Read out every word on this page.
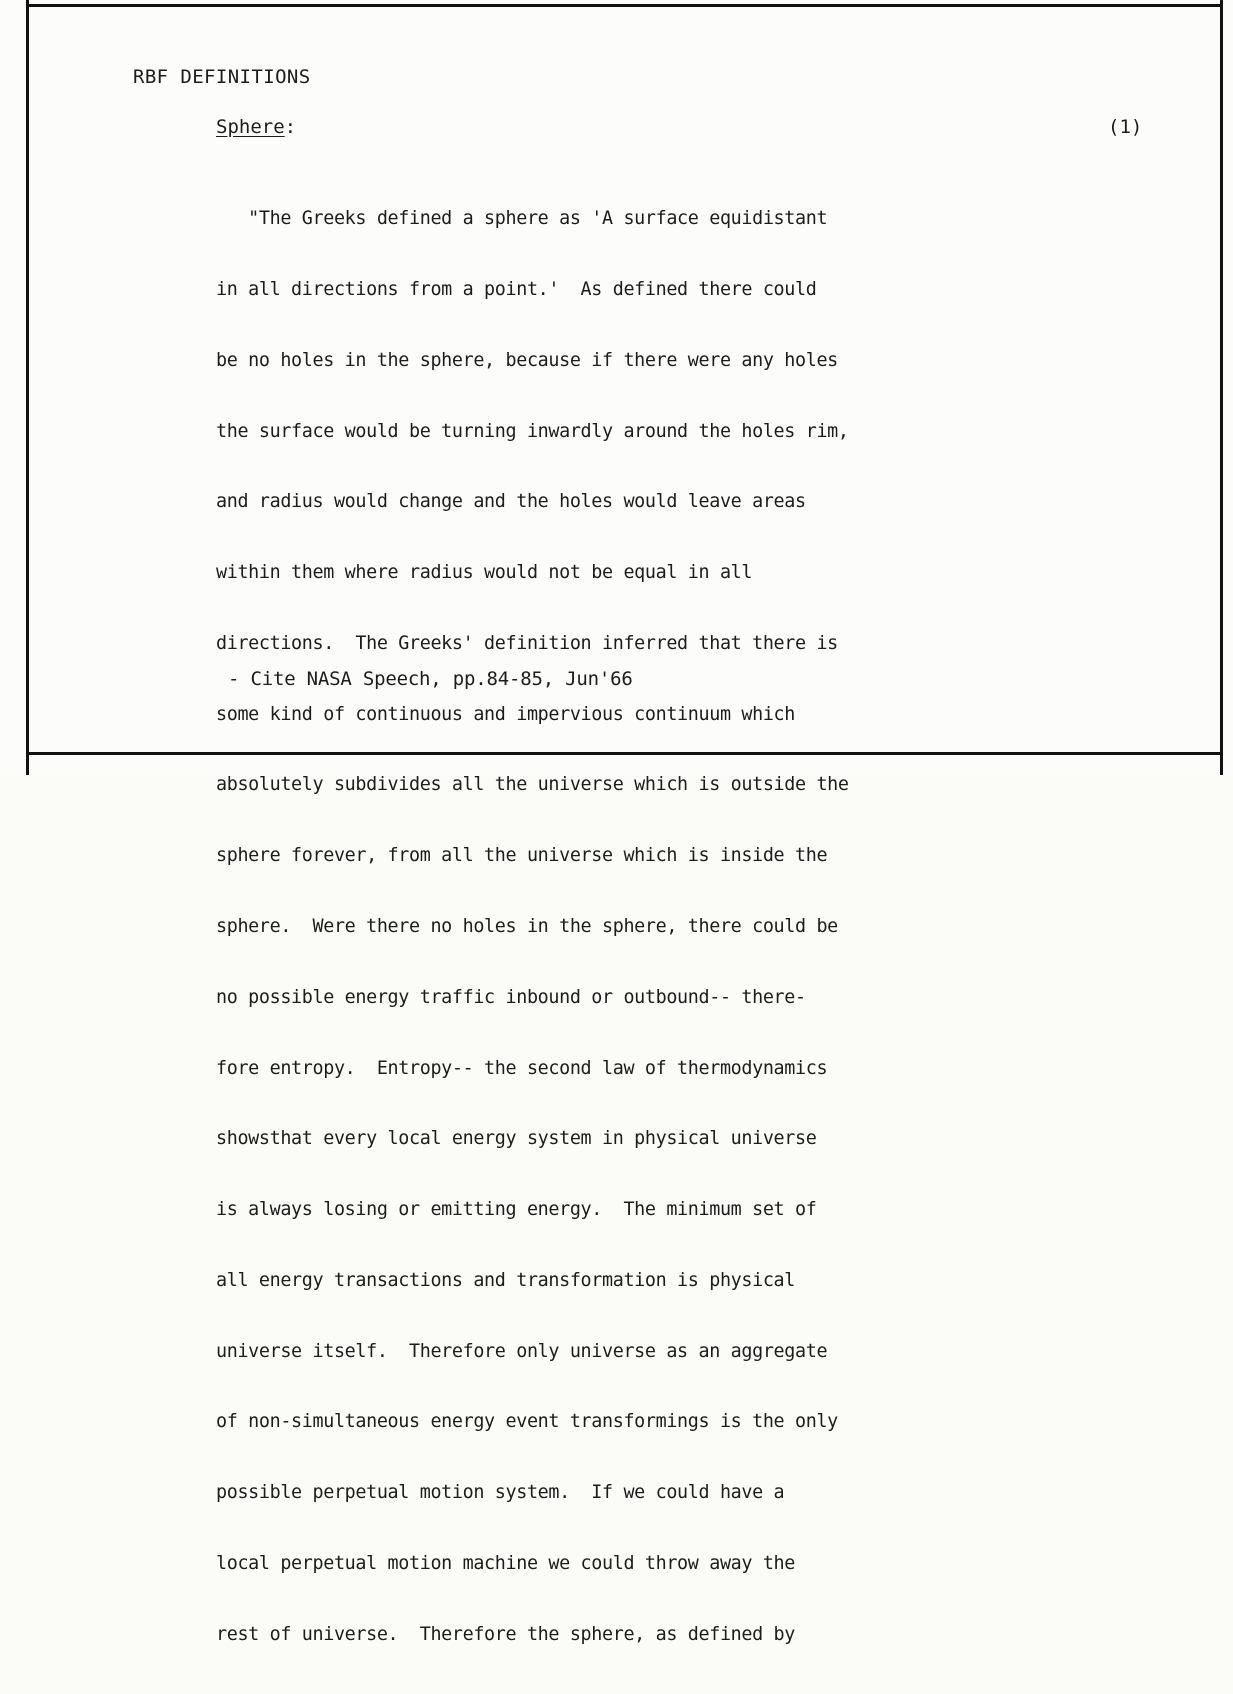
RBF DEFINITIONS
Sphere:	(1)

"The Greeks defined a sphere as 'A surface equidistant

in all directions from a point.'  As defined there could

be no holes in the sphere, because if there were any holes

the surface would be turning inwardly around the holes rim,

and radius would change and the holes would leave areas

within them where radius would not be equal in all

directions.  The Greeks' definition inferred that there is

some kind of continuous and impervious continuum which

absolutely subdivides all the universe which is outside the

sphere forever, from all the universe which is inside the

sphere.  Were there no holes in the sphere, there could be

no possible energy traffic inbound or outbound-- there-

fore entropy.  Entropy-- the second law of thermodynamics

showsthat every local energy system in physical universe

is always losing or emitting energy.  The minimum set of

all energy transactions and transformation is physical

universe itself.  Therefore only universe as an aggregate

of non-simultaneous energy event transformings is the only

possible perpetual motion system.  If we could have a

local perpetual motion machine we could throw away the

rest of universe.  Therefore the sphere, as defined by

- Cite NASA Speech, pp.84-85, Jun'66
